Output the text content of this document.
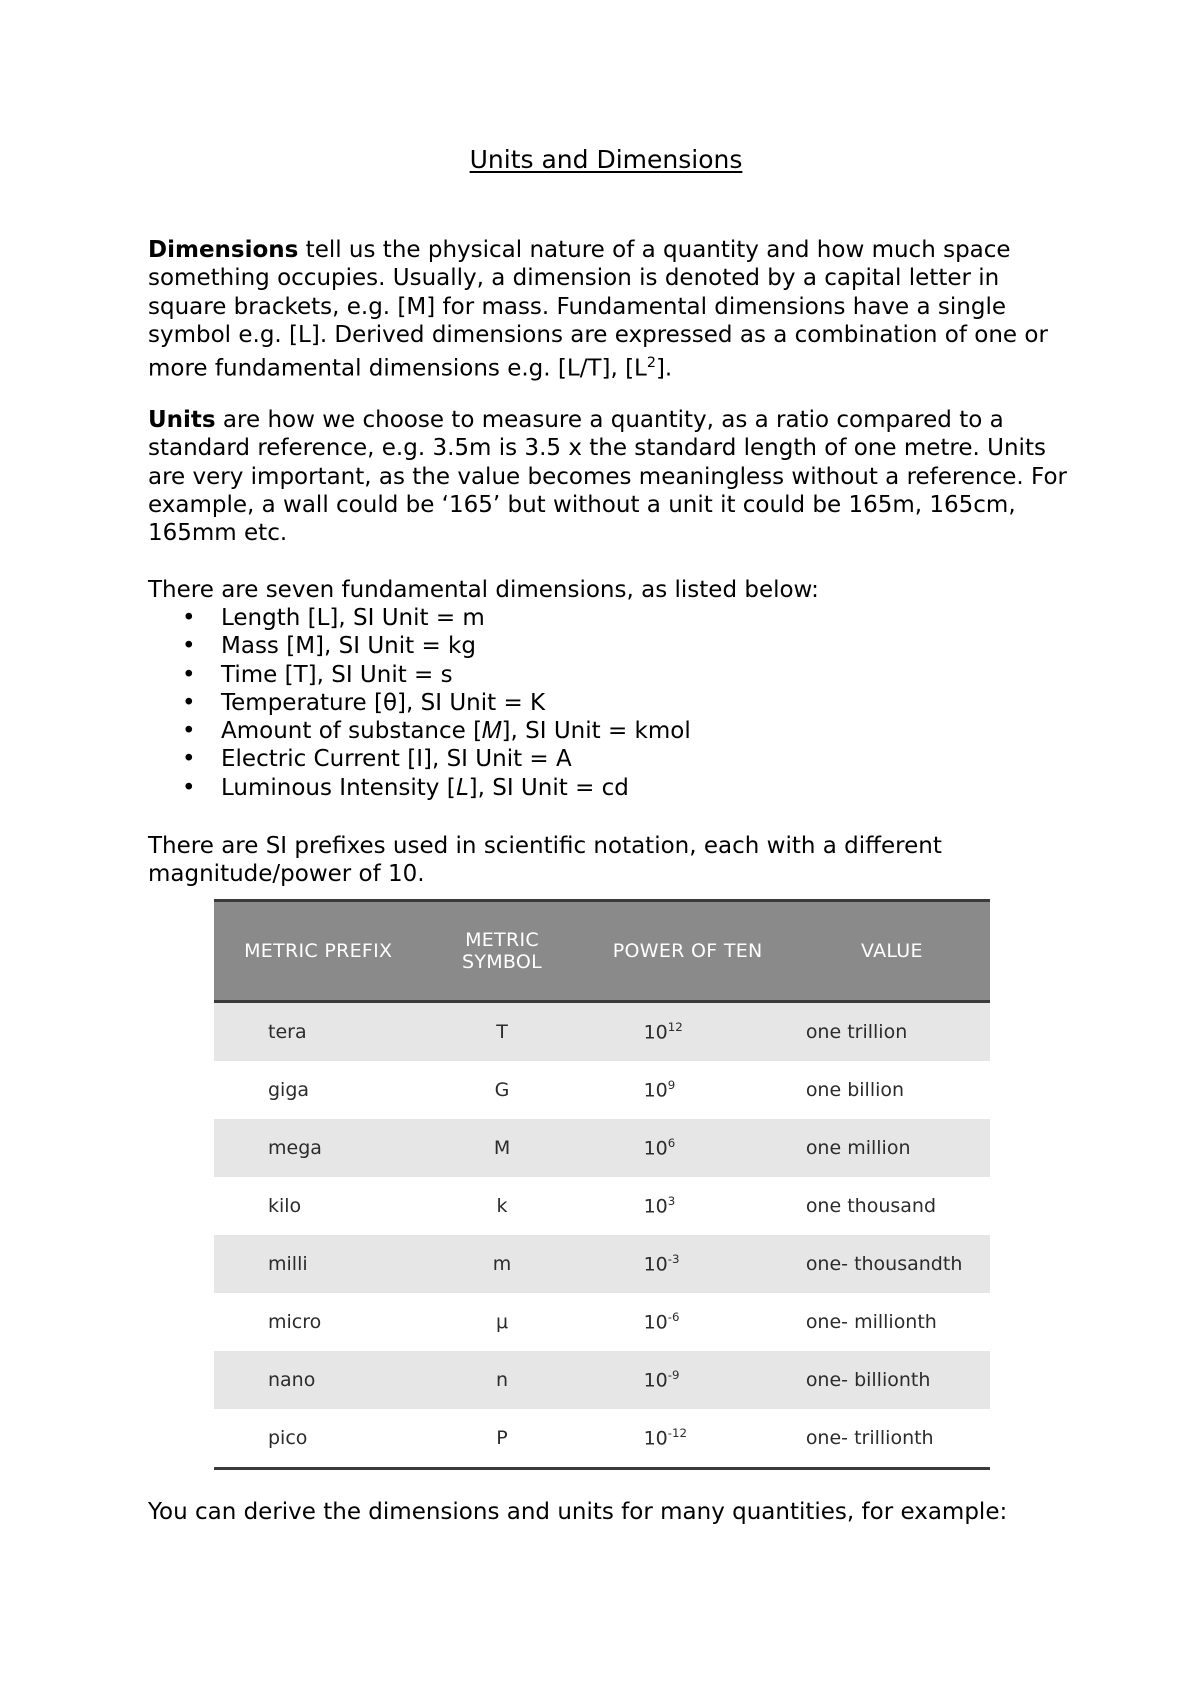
Units and Dimensions

Dimensions tell us the physical nature of a quantity and how much space something occupies. Usually, a dimension is denoted by a capital letter in square brackets, e.g. [M] for mass. Fundamental dimensions have a single symbol e.g. [L]. Derived dimensions are expressed as a combination of one or more fundamental dimensions e.g. [L/T], $[L^2]$.

Units are how we choose to measure a quantity, as a ratio compared to a standard reference, e.g. 3.5m is 3.5 x the standard length of one metre. Units are very important, as the value becomes meaningless without a reference. For example, a wall could be ‘165’ but without a unit it could be 165m, 165cm, 165mm etc.

There are seven fundamental dimensions, as listed below:

• Length [L], SI Unit = m
• Mass [M], SI Unit = kg
• Time [T], SI Unit = s
• Temperature [θ], SI Unit = K
• Amount of substance [𝑀], SI Unit = kmol
• Electric Current [I], SI Unit = A
• Luminous Intensity [𝐿], SI Unit = cd

There are SI prefixes used in scientific notation, each with a different magnitude/power of 10.

You can derive the dimensions and units for many quantities, for example:

METRIC PREFIX	METRIC SYMBOL	POWER OF TEN	VALUE
tera	T	$10^{12}$	one trillion
giga	G	$10^9$	one billion
mega	M	$10^6$	one million
kilo	k	$10^3$	one thousand
milli	m	$10^{-3}$	one- thousandth
micro	μ	$10^{-6}$	one- millionth
nano	n	$10^{-9}$	one- billionth
pico	P	$10^{-12}$	one- trillionth
